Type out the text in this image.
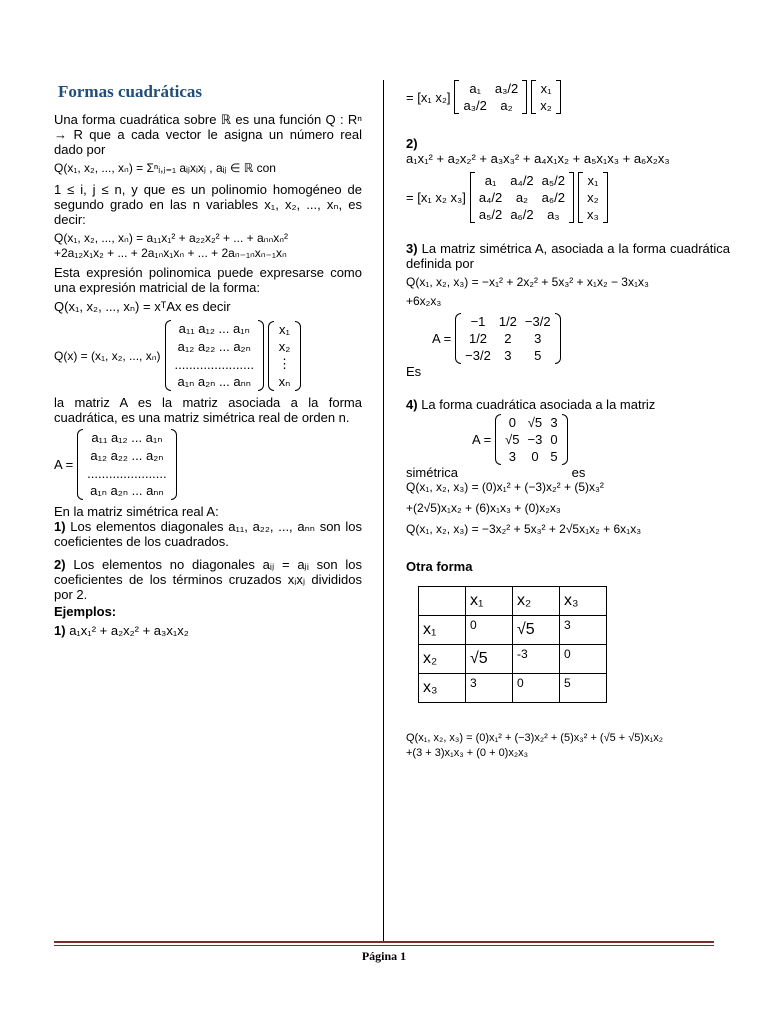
Formas cuadráticas

Una forma cuadrática sobre ℝ es una función Q : Rⁿ → R que a cada vector le asigna un número real dado por

Q(x₁, x₂, ..., xₙ) = Σⁿᵢ,ⱼ₌₁ aᵢⱼxᵢxⱼ , aᵢⱼ ∈ ℝ con

1 ≤ i, j ≤ n, y que es un polinomio homogéneo de segundo grado en las n variables x₁, x₂, ..., xₙ, es decir:

Q(x₁, x₂, ..., xₙ) = a₁₁x₁² + a₂₂x₂² + ... + aₙₙxₙ²

+2a₁₂x₁x₂ + ... + 2a₁ₙx₁xₙ + ... + 2aₙ₋₁ₙxₙ₋₁xₙ

Esta expresión polinomica puede expresarse como una expresión matricial de la forma:

Q(x₁, x₂, ..., xₙ) = xᵀAx es decir

Q(x) = (x₁, x₂, ..., xₙ)
a₁₁ a₁₂ ... a₁ₙ
a₁₂ a₂₂ ... a₂ₙ
......................
a₁ₙ a₂ₙ ... aₙₙ
x₁
x₂
⋮
xₙ

la matriz A es la matriz asociada a la forma cuadrática, es una matriz simétrica real de orden n.

A =
a₁₁ a₁₂ ... a₁ₙ
a₁₂ a₂₂ ... a₂ₙ
......................
a₁ₙ a₂ₙ ... aₙₙ

En la matriz simétrica real A:

1) Los elementos diagonales a₁₁, a₂₂, ..., aₙₙ son los coeficientes de los cuadrados.

2) Los elementos no diagonales aᵢⱼ = aⱼᵢ son los coeficientes de los términos cruzados xᵢxⱼ divididos por 2.

Ejemplos:

1) a₁x₁² + a₂x₂² + a₃x₁x₂

= [x₁ x₂]
a₁	a₃/2
a₃/2	a₂
x₁
x₂

2)

a₁x₁² + a₂x₂² + a₃x₃² + a₄x₁x₂ + a₅x₁x₃ + a₆x₂x₃

= [x₁ x₂ x₃]
a₁	a₄/2	a₅/2
a₄/2	a₂	a₆/2
a₅/2	a₆/2	a₃
x₁
x₂
x₃

3) La matriz simétrica A, asociada a la forma cuadrática definida por

Q(x₁, x₂, x₃) = −x₁² + 2x₂² + 5x₃² + x₁x₂ − 3x₁x₃

+6x₂x₃

A =
−1	1/2	−3/2
1/2	2	3
−3/2	3	5

Es

4) La forma cuadrática asociada a la matriz

A =
0	√5	3
√5	−3	0
3	0	5

simétrica	es

Q(x₁, x₂, x₃) = (0)x₁² + (−3)x₂² + (5)x₃²

+(2√5)x₁x₂ + (6)x₁x₃ + (0)x₂x₃

Q(x₁, x₂, x₃) = −3x₂² + 5x₃² + 2√5x₁x₂ + 6x₁x₃

Otra forma

	x₁	x₂	x₃
x₁	0	√5	3
x₂	√5	-3	0
x₃	3	0	5

Q(x₁, x₂, x₃) = (0)x₁² + (−3)x₂² + (5)x₃² + (√5 + √5)x₁x₂

+(3 + 3)x₁x₃ + (0 + 0)x₂x₃

Página 1
